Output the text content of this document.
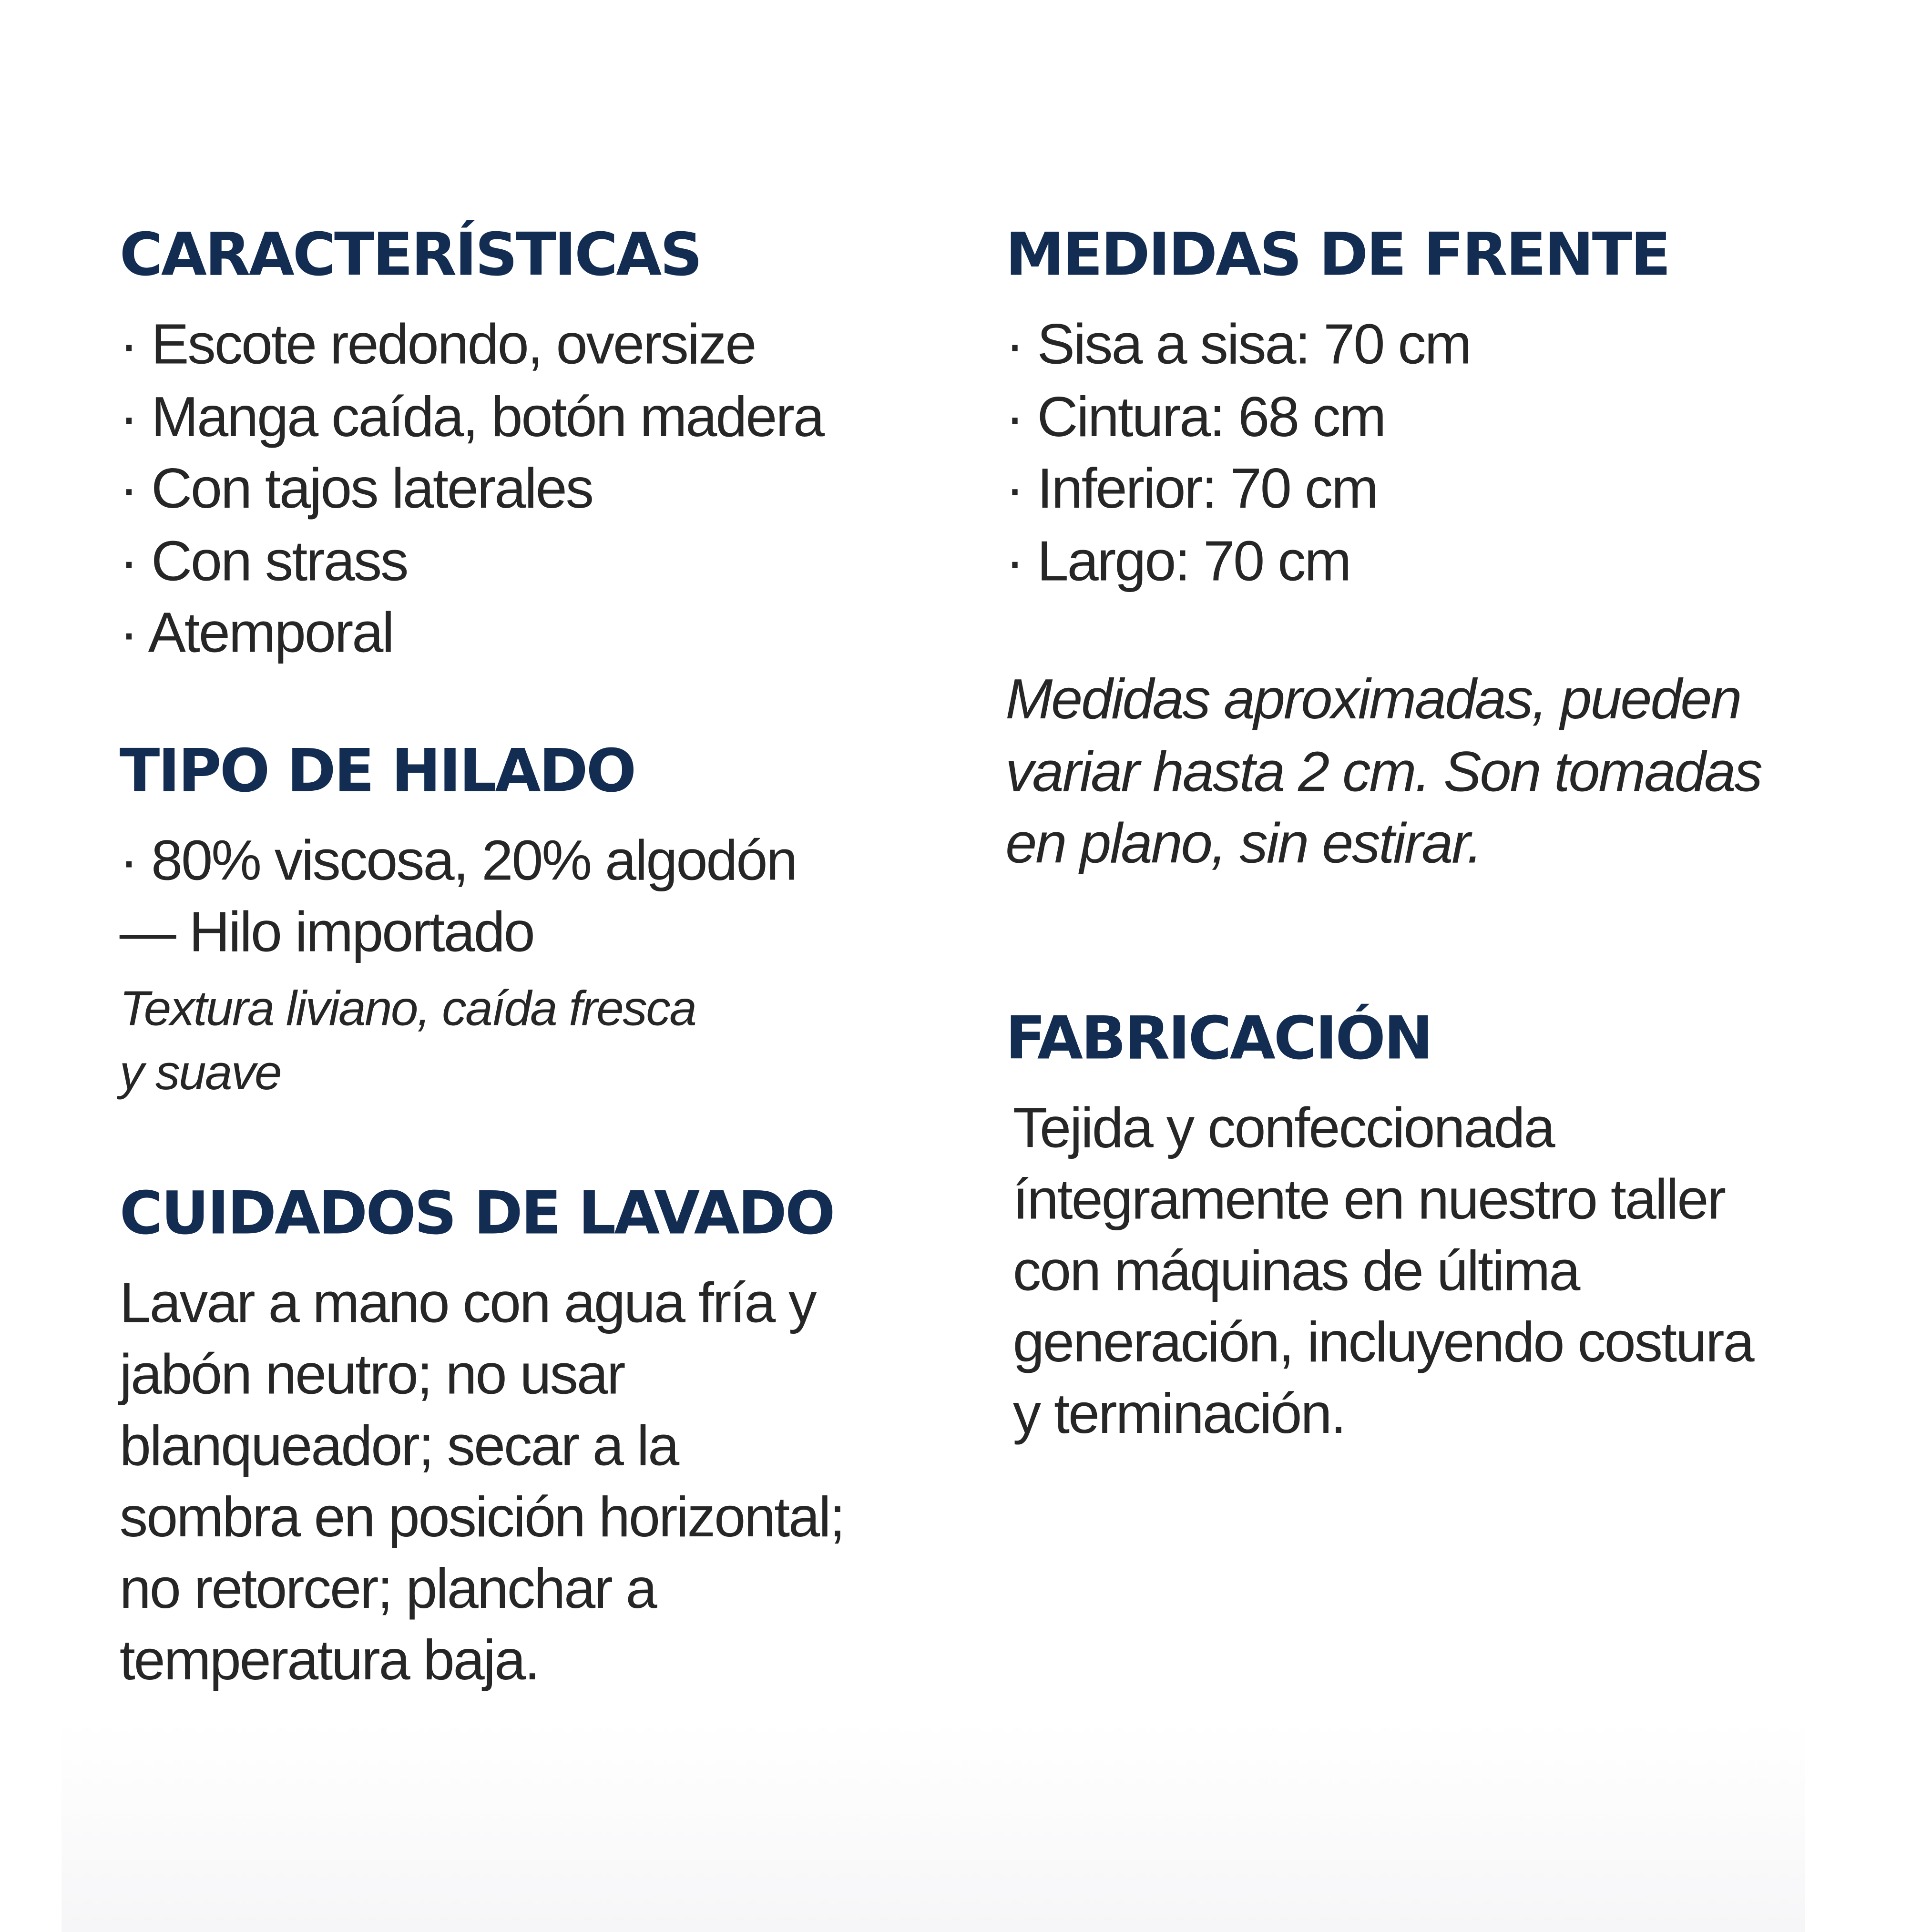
CARACTERÍSTICAS
· Escote redondo, oversize
· Manga caída, botón madera
· Con tajos laterales
· Con strass
· Atemporal
TIPO DE HILADO

· 80% viscosa, 20% algodón

— Hilo importado

Textura liviano, caída fresca

y suave

CUIDADOS DE LAVADO

Lavar a mano con agua fría y

jabón neutro; no usar

blanqueador; secar a la

sombra en posición horizontal;

no retorcer; planchar a

temperatura baja.

MEDIDAS DE FRENTE
· Sisa a sisa: 70 cm
· Cintura: 68 cm
· Inferior: 70 cm
· Largo: 70 cm

Medidas aproximadas, pueden

variar hasta 2 cm. Son tomadas

en plano, sin estirar.

FABRICACIÓN

Tejida y confeccionada

íntegramente en nuestro taller

con máquinas de última

generación, incluyendo costura

y terminación.
